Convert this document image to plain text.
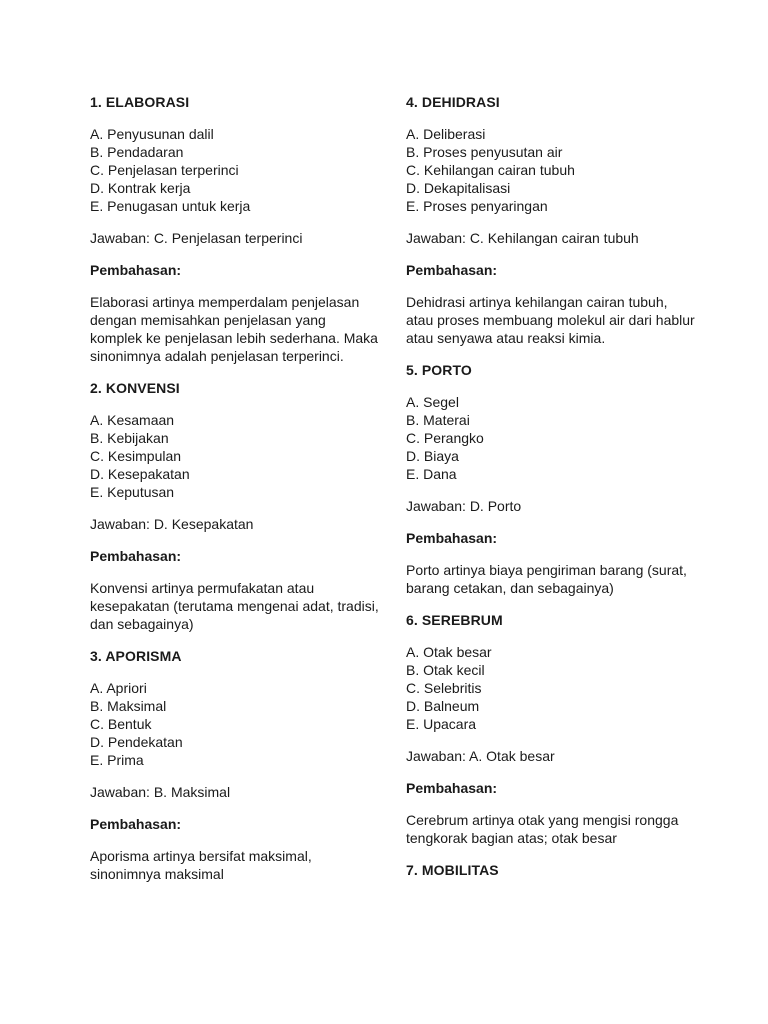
1. ELABORASI
A. Penyusunan dalil
B. Pendadaran
C. Penjelasan terperinci
D. Kontrak kerja
E. Penugasan untuk kerja
Jawaban: C. Penjelasan terperinci
Pembahasan:
Elaborasi artinya memperdalam penjelasan dengan memisahkan penjelasan yang komplek ke penjelasan lebih sederhana. Maka sinonimnya adalah penjelasan terperinci.
2. KONVENSI
A. Kesamaan
B. Kebijakan
C. Kesimpulan
D. Kesepakatan
E. Keputusan
Jawaban: D. Kesepakatan
Pembahasan:
Konvensi artinya permufakatan atau kesepakatan (terutama mengenai adat, tradisi, dan sebagainya)
3. APORISMA
A. Apriori
B. Maksimal
C. Bentuk
D. Pendekatan
E. Prima
Jawaban: B. Maksimal
Pembahasan:
Aporisma artinya bersifat maksimal, sinonimnya maksimal
4. DEHIDRASI
A. Deliberasi
B. Proses penyusutan air
C. Kehilangan cairan tubuh
D. Dekapitalisasi
E. Proses penyaringan
Jawaban: C. Kehilangan cairan tubuh
Pembahasan:
Dehidrasi artinya kehilangan cairan tubuh, atau proses membuang molekul air dari hablur atau senyawa atau reaksi kimia.
5. PORTO
A. Segel
B. Materai
C. Perangko
D. Biaya
E. Dana
Jawaban: D. Porto
Pembahasan:
Porto artinya biaya pengiriman barang (surat, barang cetakan, dan sebagainya)
6. SEREBRUM
A. Otak besar
B. Otak kecil
C. Selebritis
D. Balneum
E. Upacara
Jawaban: A. Otak besar
Pembahasan:
Cerebrum artinya otak yang mengisi rongga tengkorak bagian atas; otak besar
7. MOBILITAS
